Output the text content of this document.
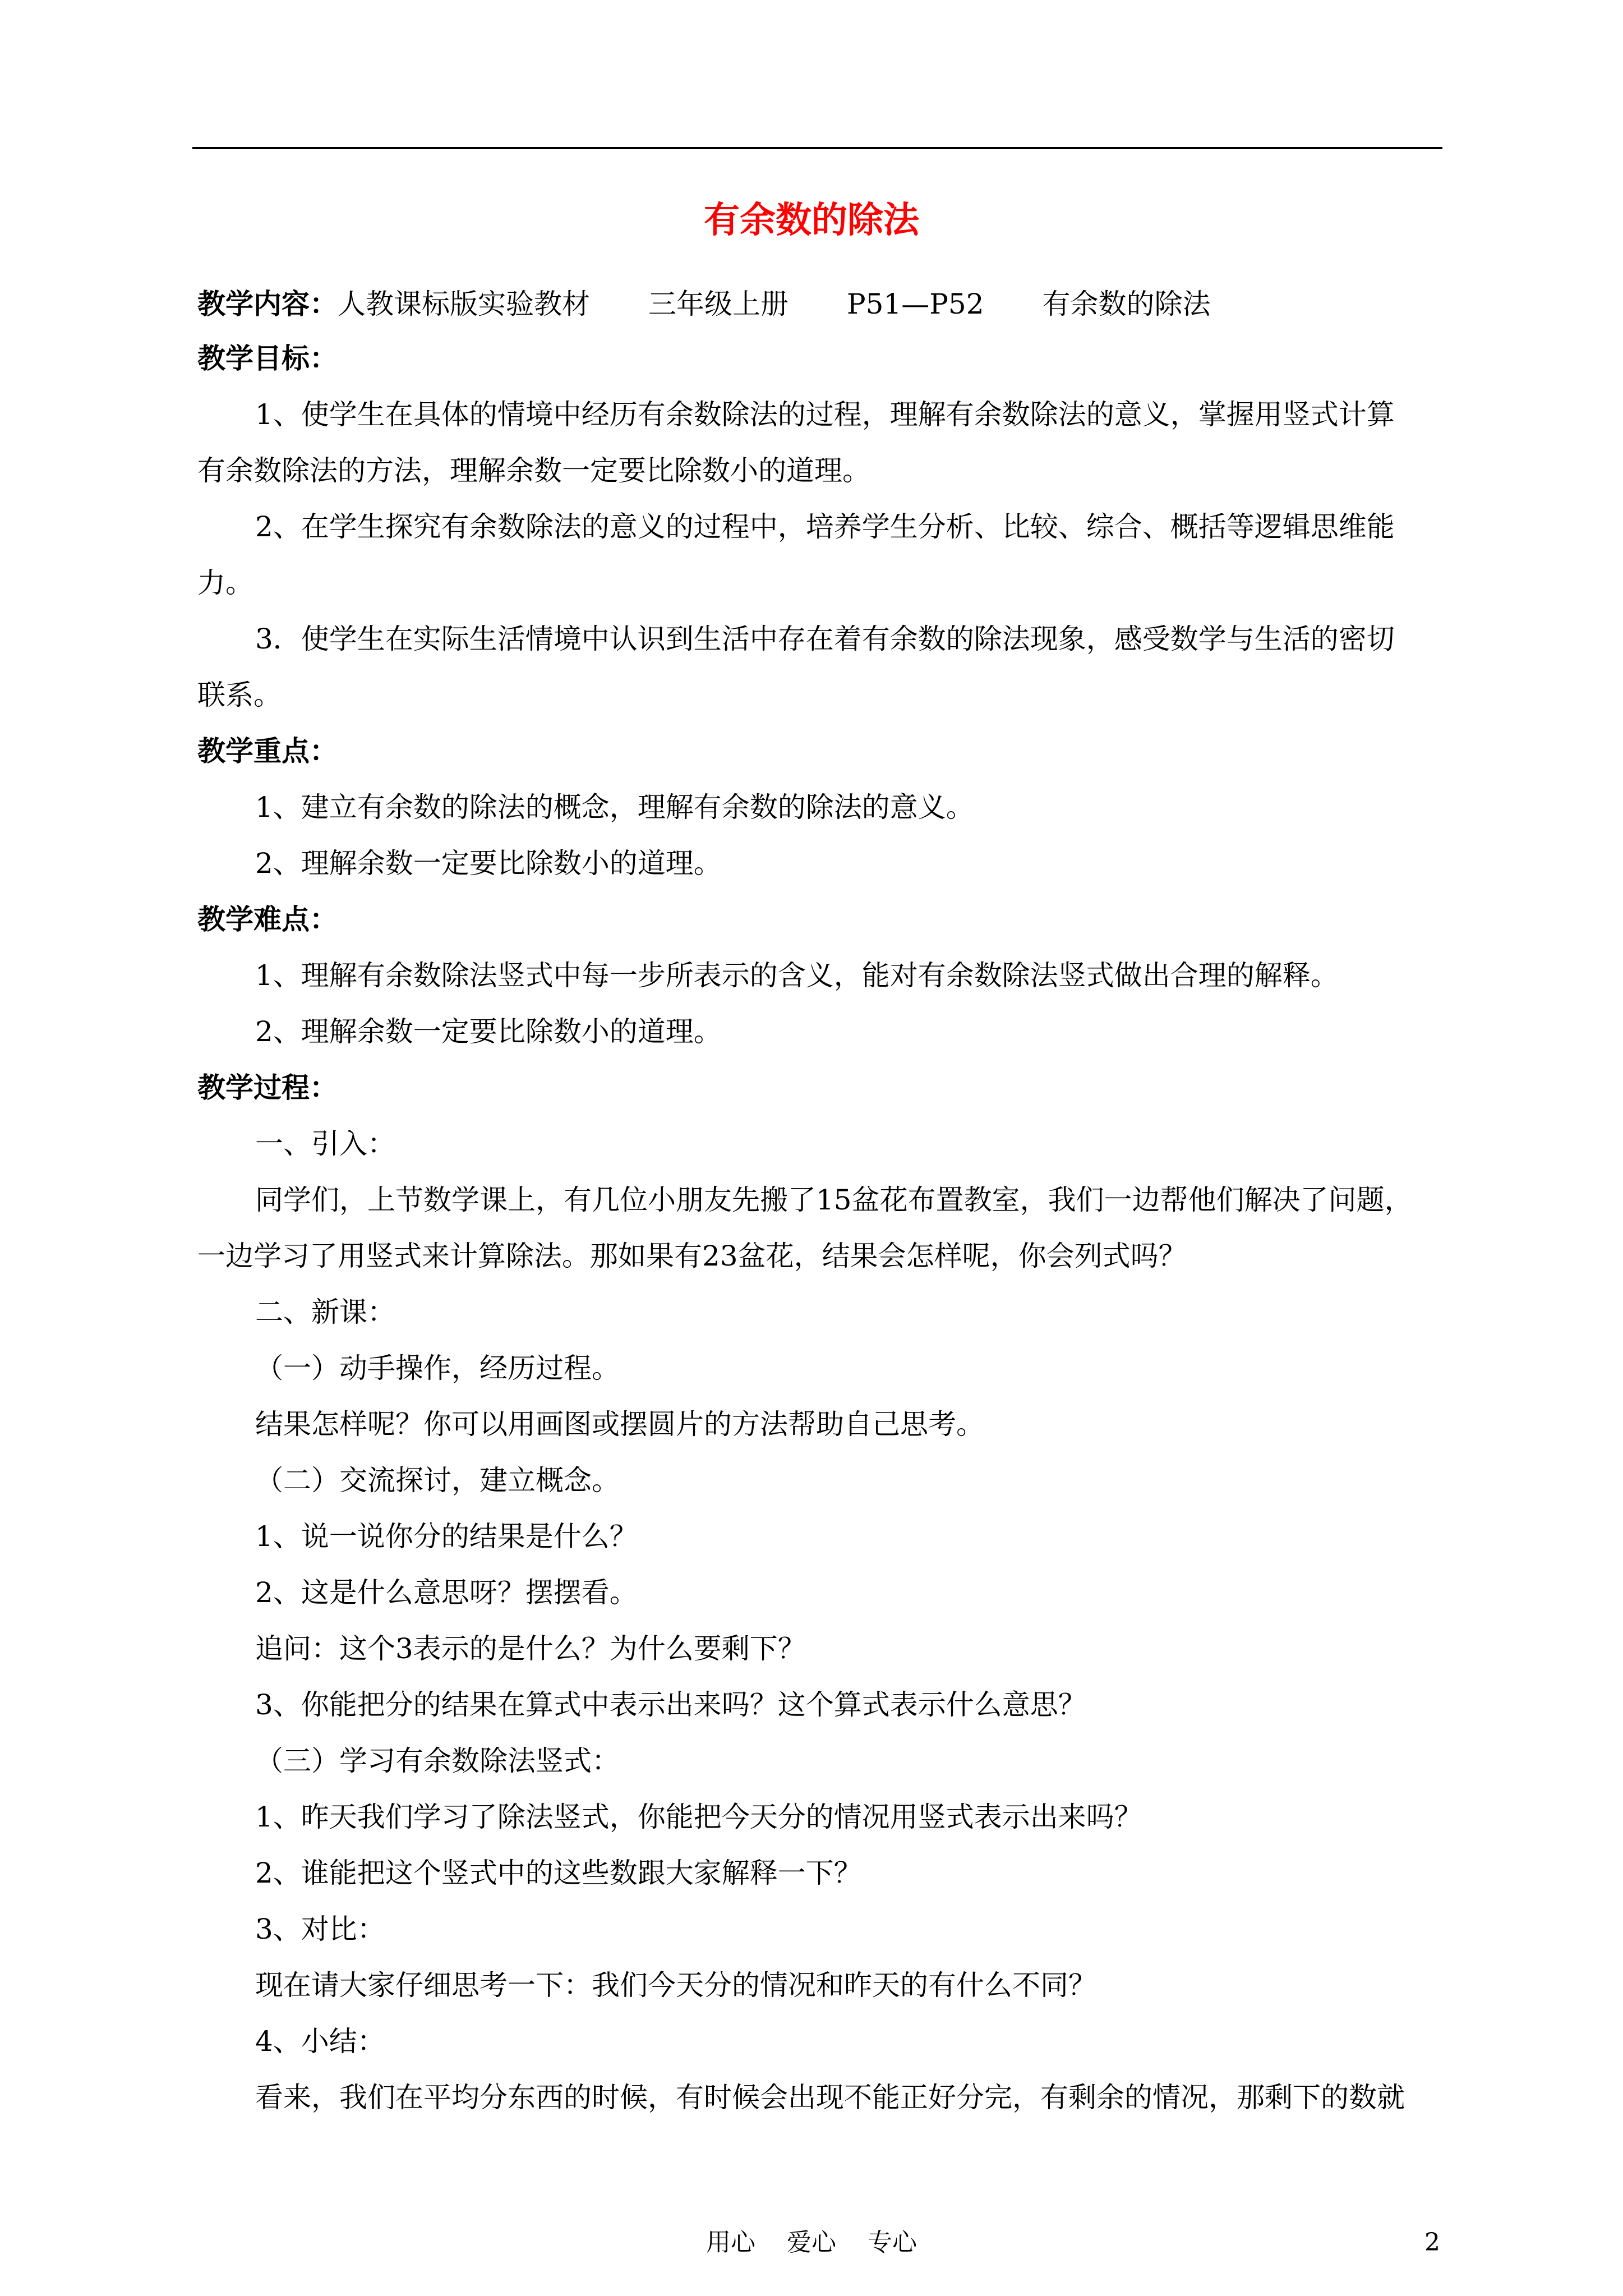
有余数的除法
教学内容：人教课标版实验教材 三年级上册 P51—P52 有余数的除法
教学目标：
1、使学生在具体的情境中经历有余数除法的过程，理解有余数除法的意义，掌握用竖式计算
有余数除法的方法，理解余数一定要比除数小的道理。
2、在学生探究有余数除法的意义的过程中，培养学生分析、比较、综合、概括等逻辑思维能
力。
3．使学生在实际生活情境中认识到生活中存在着有余数的除法现象，感受数学与生活的密切
联系。
教学重点：
1、建立有余数的除法的概念，理解有余数的除法的意义。
2、理解余数一定要比除数小的道理。
教学难点：
1、理解有余数除法竖式中每一步所表示的含义，能对有余数除法竖式做出合理的解释。
2、理解余数一定要比除数小的道理。
教学过程：
一、引入：
同学们，上节数学课上，有几位小朋友先搬了15盆花布置教室，我们一边帮他们解决了问题，
一边学习了用竖式来计算除法。那如果有23盆花，结果会怎样呢，你会列式吗？
二、新课：
（一）动手操作，经历过程。
结果怎样呢？你可以用画图或摆圆片的方法帮助自己思考。
（二）交流探讨，建立概念。
1、说一说你分的结果是什么？
2、这是什么意思呀？摆摆看。
追问：这个3表示的是什么？为什么要剩下？
3、你能把分的结果在算式中表示出来吗？这个算式表示什么意思？
（三）学习有余数除法竖式：
1、昨天我们学习了除法竖式，你能把今天分的情况用竖式表示出来吗？
2、谁能把这个竖式中的这些数跟大家解释一下？
3、对比：
现在请大家仔细思考一下：我们今天分的情况和昨天的有什么不同？
4、小结：
看来，我们在平均分东西的时候，有时候会出现不能正好分完，有剩余的情况，那剩下的数就
用心 爱心 专心	2
